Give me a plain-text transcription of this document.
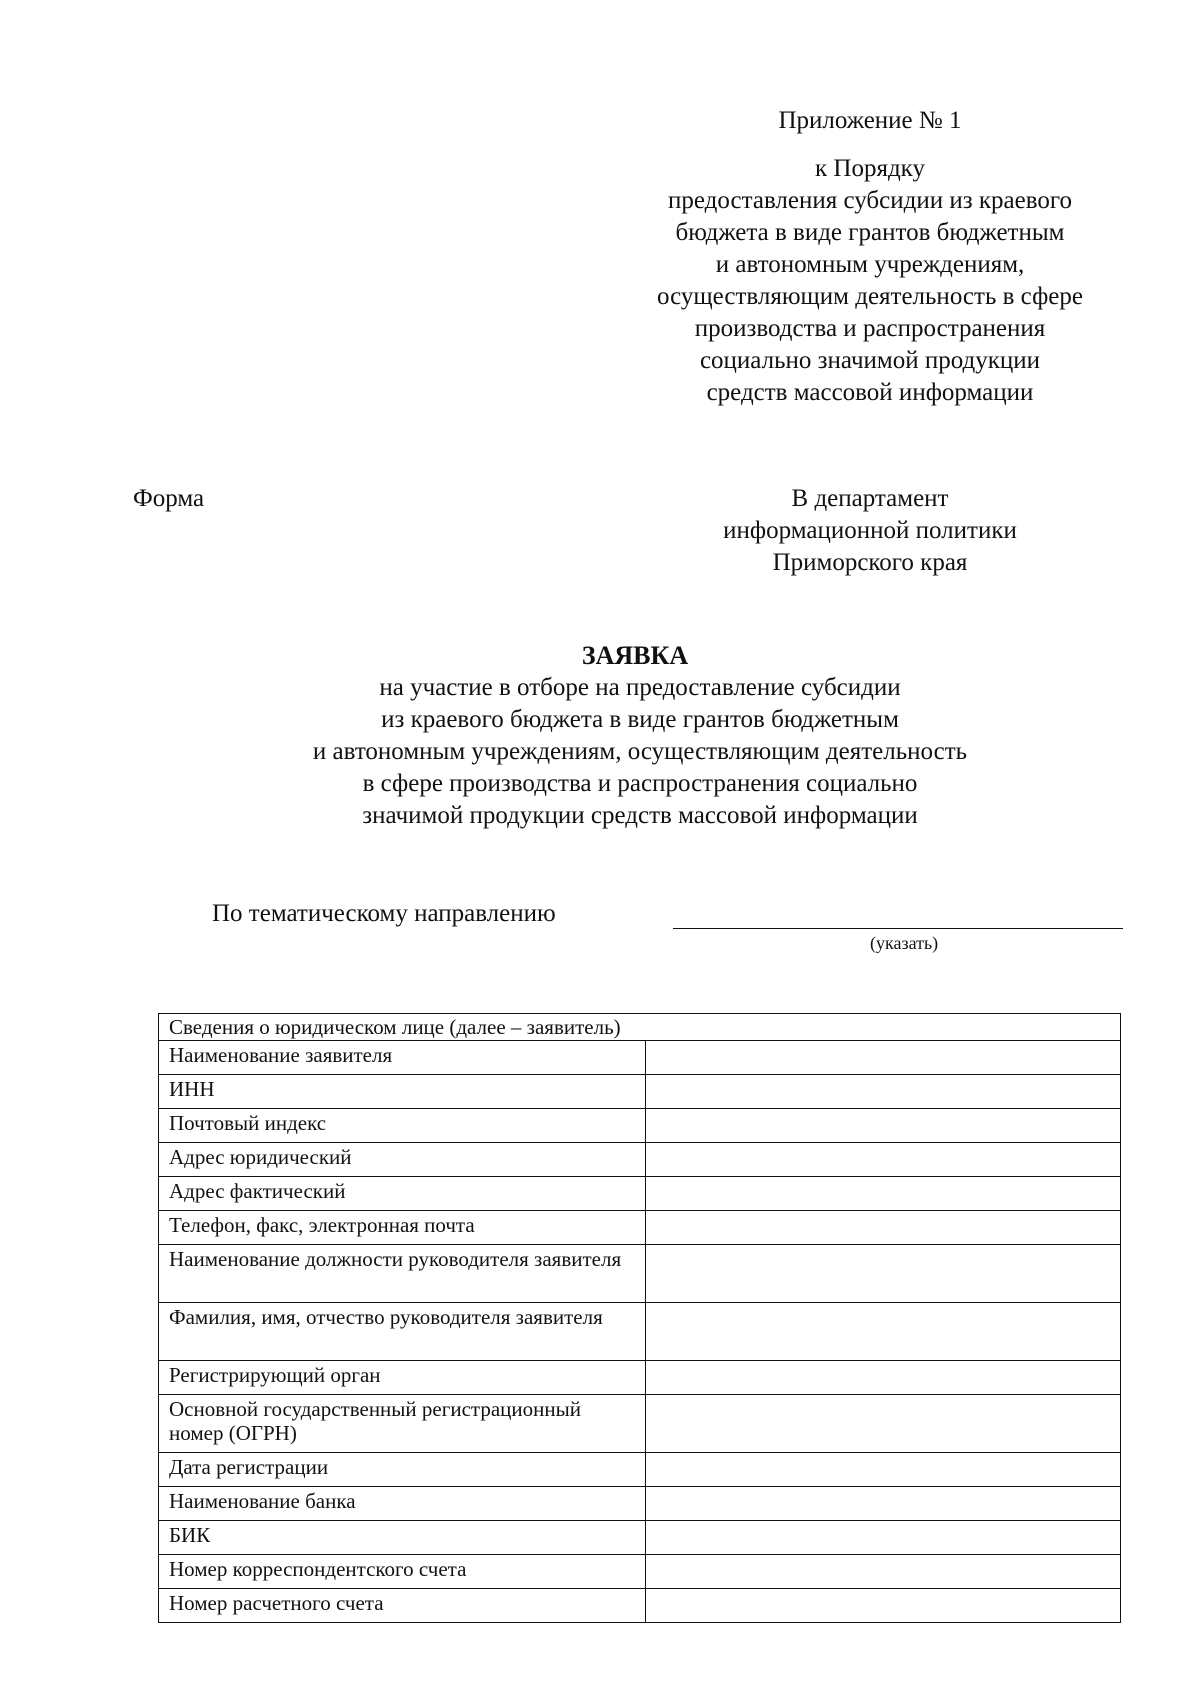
Приложение № 1
к Порядку
предоставления субсидии из краевого
бюджета в виде грантов бюджетным
и автономным учреждениям,
осуществляющим деятельность в сфере
производства и распространения
социально значимой продукции
средств массовой информации
Форма	В департамент
информационной политики
Приморского края
ЗАЯВКА
на участие в отборе на предоставление субсидии
из краевого бюджета в виде грантов бюджетным
и автономным учреждениям, осуществляющим деятельность
в сфере производства и распространения социально
значимой продукции средств массовой информации
По тематическому направлению
(указать)
Сведения о юридическом лице (далее – заявитель)	
Наименование заявителя	
ИНН	
Почтовый индекс	
Адрес юридический	
Адрес фактический	
Телефон, факс, электронная почта	
Наименование должности руководителя заявителя	
Фамилия, имя, отчество руководителя заявителя	
Регистрирующий орган	
Основной государственный регистрационный номер (ОГРН)	
Дата регистрации	
Наименование банка	
БИК	
Номер корреспондентского счета	
Номер расчетного счета	
